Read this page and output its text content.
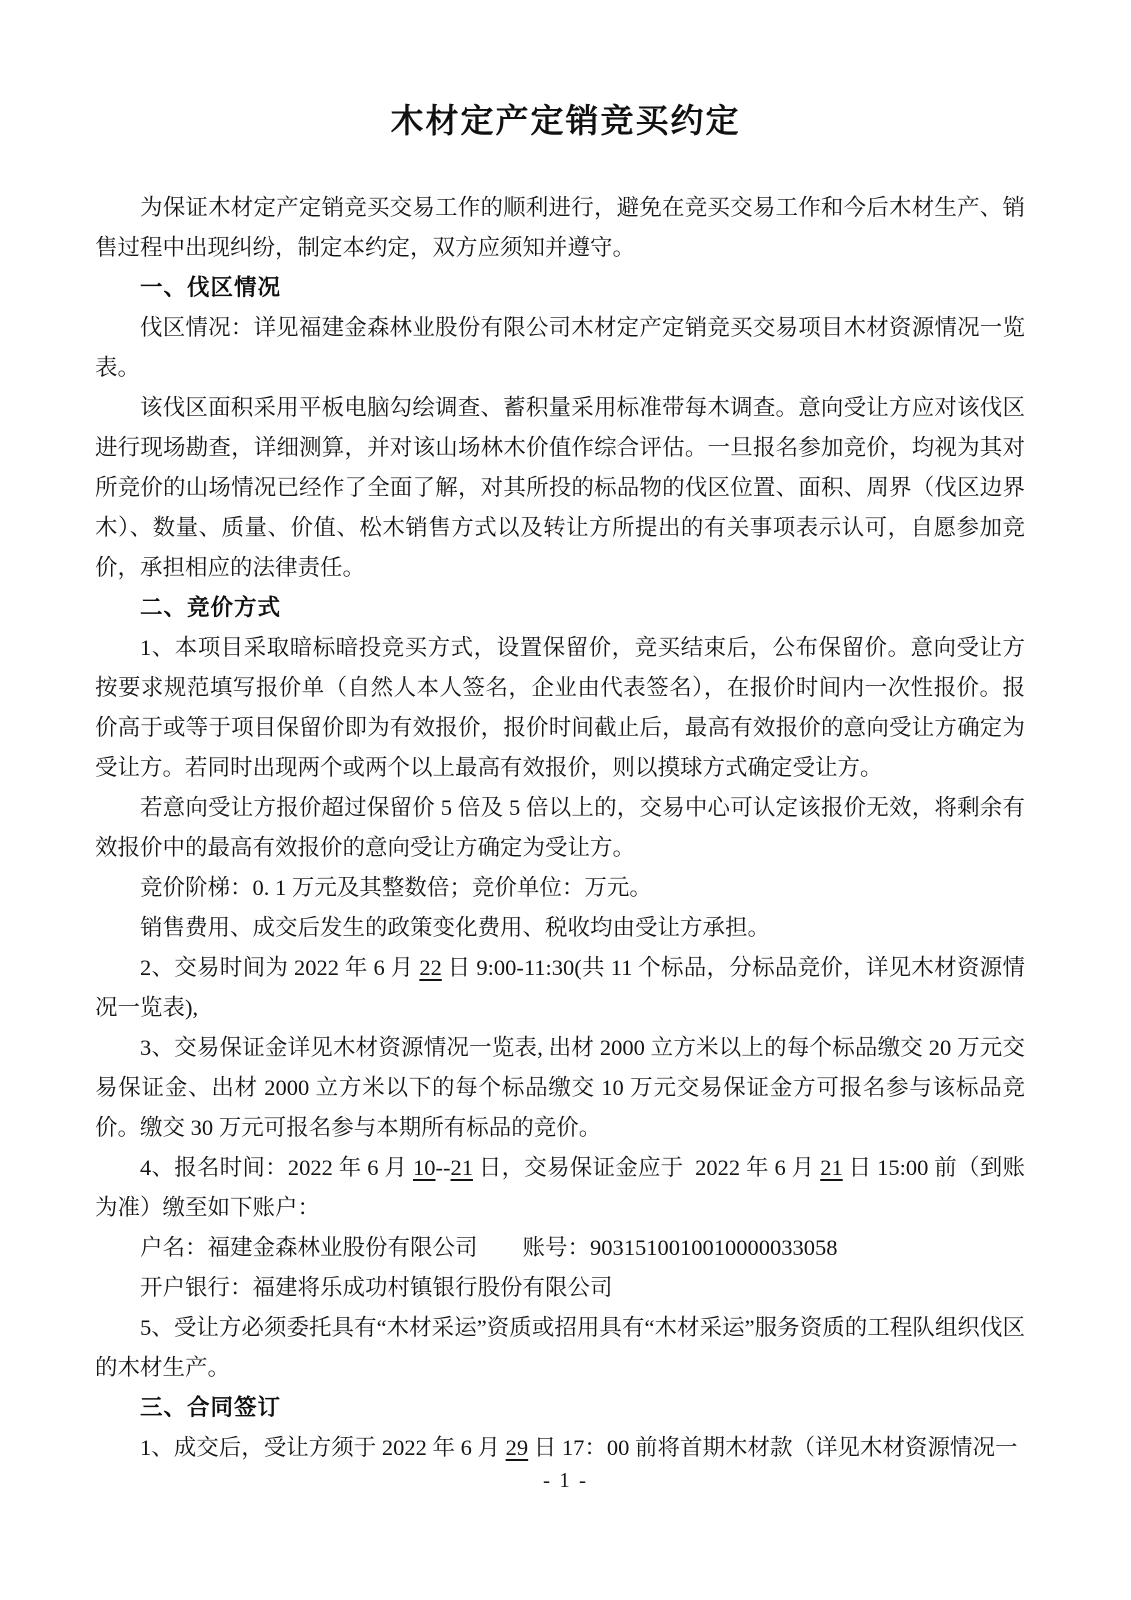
木材定产定销竞买约定

为保证木材定产定销竞买交易工作的顺利进行，避免在竞买交易工作和今后木材生产、销售过程中出现纠纷，制定本约定，双方应须知并遵守。

一、伐区情况

伐区情况：详见福建金森林业股份有限公司木材定产定销竞买交易项目木材资源情况一览表。

该伐区面积采用平板电脑勾绘调查、蓄积量采用标准带每木调查。意向受让方应对该伐区进行现场勘查，详细测算，并对该山场林木价值作综合评估。一旦报名参加竞价，均视为其对所竞价的山场情况已经作了全面了解，对其所投的标品物的伐区位置、面积、周界（伐区边界木）、数量、质量、价值、松木销售方式以及转让方所提出的有关事项表示认可，自愿参加竞价，承担相应的法律责任。

二、竞价方式

1、本项目采取暗标暗投竞买方式，设置保留价，竞买结束后，公布保留价。意向受让方按要求规范填写报价单（自然人本人签名，企业由代表签名），在报价时间内一次性报价。报价高于或等于项目保留价即为有效报价，报价时间截止后，最高有效报价的意向受让方确定为受让方。若同时出现两个或两个以上最高有效报价，则以摸球方式确定受让方。

若意向受让方报价超过保留价 5 倍及 5 倍以上的，交易中心可认定该报价无效，将剩余有效报价中的最高有效报价的意向受让方确定为受让方。

竞价阶梯：0. 1 万元及其整数倍；竞价单位：万元。

销售费用、成交后发生的政策变化费用、税收均由受让方承担。

2、交易时间为 2022 年 6 月 22 日 9:00-11:30(共 11 个标品，分标品竞价，详见木材资源情况一览表),

3、交易保证金详见木材资源情况一览表, 出材 2000 立方米以上的每个标品缴交 20 万元交易保证金、出材 2000 立方米以下的每个标品缴交 10 万元交易保证金方可报名参与该标品竞价。缴交 30 万元可报名参与本期所有标品的竞价。

4、报名时间：2022 年 6 月 10--21 日，交易保证金应于  2022 年 6 月 21 日 15:00 前（到账为准）缴至如下账户：

户名：福建金森林业股份有限公司　　账号：9031510010010000033058

开户银行：福建将乐成功村镇银行股份有限公司

5、受让方必须委托具有“木材采运”资质或招用具有“木材采运”服务资质的工程队组织伐区的木材生产。

三、合同签订

1、成交后，受让方须于 2022 年 6 月 29 日 17：00 前将首期木材款（详见木材资源情况一

- 1 -
